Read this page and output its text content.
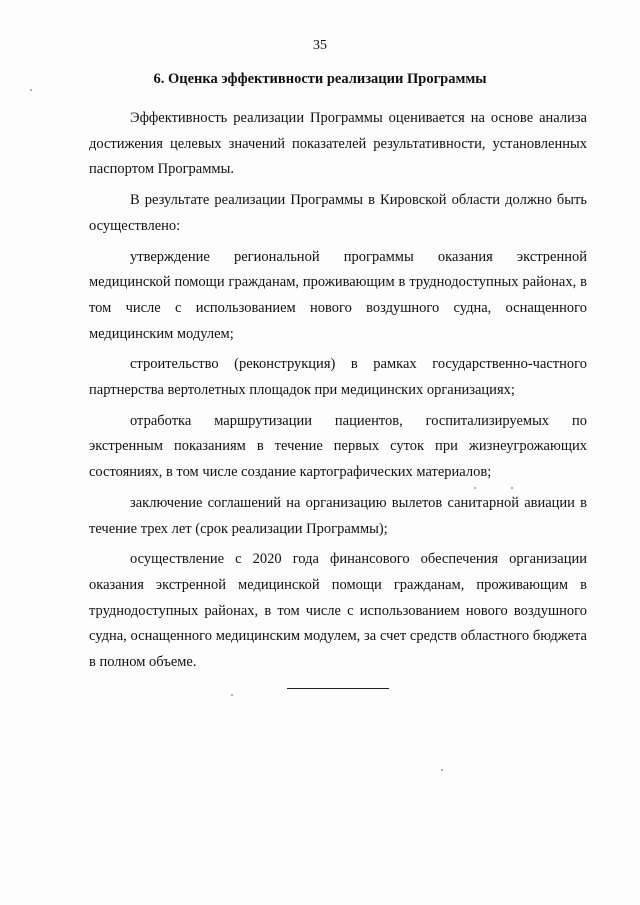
35
6. Оценка эффективности реализации Программы

Эффективность реализации Программы оценивается на основе анализа достижения целевых значений показателей результативности, установленных паспортом Программы.

В результате реализации Программы в Кировской области должно быть осуществлено:

утверждение региональной программы оказания экстренной медицинской помощи гражданам, проживающим в труднодоступных районах, в том числе с использованием нового воздушного судна, оснащенного медицинским модулем;

строительство (реконструкция) в рамках государственно-частного партнерства вертолетных площадок при медицинских организациях;

отработка маршрутизации пациентов, госпитализируемых по экстренным показаниям в течение первых суток при жизнеугрожающих состояниях, в том числе создание картографических материалов;

заключение соглашений на организацию вылетов санитарной авиации в течение трех лет (срок реализации Программы);

осуществление с 2020 года финансового обеспечения организации оказания экстренной медицинской помощи гражданам, проживающим в труднодоступных районах, в том числе с использованием нового воздушного судна, оснащенного медицинским модулем, за счет средств областного бюджета в полном объеме.
